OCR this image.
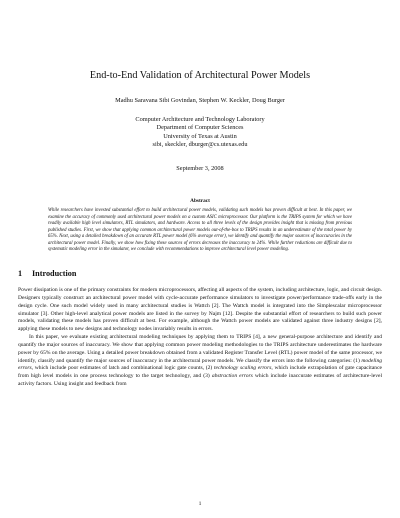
End-to-End Validation of Architectural Power Models
Madhu Saravana Sibi Govindan, Stephen W. Keckler, Doug Burger
Computer Architecture and Technology Laboratory
Department of Computer Sciences
University of Texas at Austin
sibi, skeckler, dburger@cs.utexas.edu
September 3, 2008
Abstract
While researchers have invested substantial effort to build architectural power models, validating such models has proven difficult at best. In this paper, we examine the accuracy of commonly used architectural power models on a custom ASIC microprocessor. Our platform is the TRIPS system for which we have readily available high level simulators, RTL simulators, and hardware. Access to all three levels of the design provides insight that is missing from previous published studies. First, we show that applying common architectural power models out-of-the-box to TRIPS results in an underestimate of the total power by 65%. Next, using a detailed breakdown of an accurate RTL power model (6% average error), we identify and quantify the major sources of inaccuracies in the architectural power model. Finally, we show how fixing these sources of errors decreases the inaccuracy to 24%. While further reductions are difficult due to systematic modeling error in the simulator, we conclude with recommendations to improve architectural level power modeling.
1 Introduction

Power dissipation is one of the primary constraints for modern microprocessors, affecting all aspects of the system, including architecture, logic, and circuit design. Designers typically construct an architectural power model with cycle-accurate performance simulators to investigate power/performance trade-offs early in the design cycle. One such model widely used in many architectural studies is Wattch [2]. The Wattch model is integrated into the Simplescalar microprocessor simulator [3]. Other high-level analytical power models are listed in the survey by Najm [12]. Despite the substantial effort of researchers to build such power models, validating these models has proven difficult at best. For example, although the Wattch power models are validated against three industry designs [2], applying these models to new designs and technology nodes invariably results in errors.

In this paper, we evaluate existing architectural modeling techniques by applying them to TRIPS [4], a new general-purpose architecture and identify and quantify the major sources of inaccuracy. We show that applying common power modeling methodologies to the TRIPS architecture underestimates the hardware power by 65% on the average. Using a detailed power breakdown obtained from a validated Register Transfer Level (RTL) power model of the same processor, we identify, classify and quantify the major sources of inaccuracy in the architectural power models. We classify the errors into the following categories: (1) modeling errors, which include poor estimates of latch and combinational logic gate counts, (2) technology scaling errors, which include extrapolation of gate capacitance from high level models in one process technology to the target technology, and (3) abstraction errors which include inaccurate estimates of architecture-level activity factors. Using insight and feedback from

1
